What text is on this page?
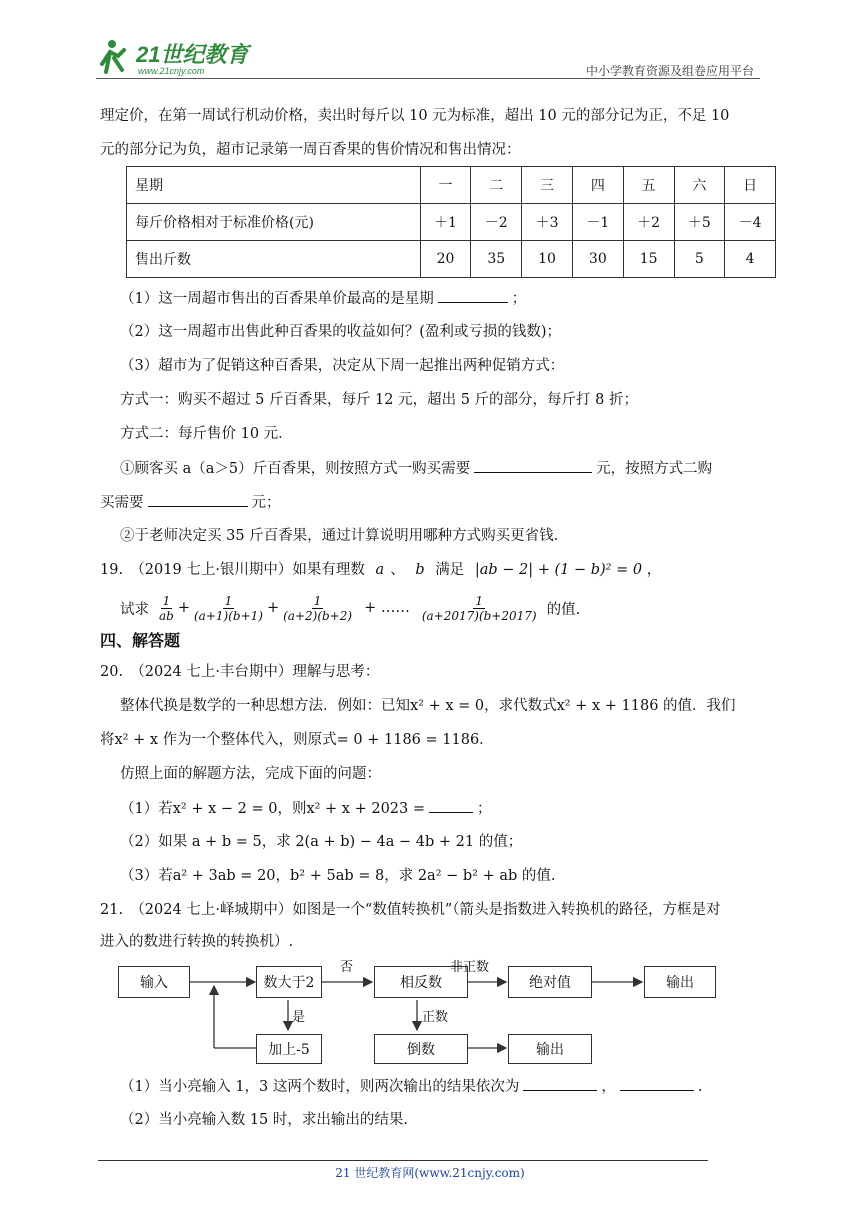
21世纪教育
www.21cnjy.com	中小学教育资源及组卷应用平台
理定价，在第一周试行机动价格，卖出时每斤以 10 元为标准，超出 10 元的部分记为正，不足 10
元的部分记为负，超市记录第一周百香果的售价情况和售出情况：
星期	一	二	三	四	五	六	日
每斤价格相对于标准价格(元)	＋1	－2	＋3	－1	＋2	＋5	－4
售出斤数	20	35	10	30	15	5	4
（1）这一周超市售出的百香果单价最高的是星期	；
（2）这一周超市出售此种百香果的收益如何？(盈利或亏损的钱数)；
（3）超市为了促销这种百香果，决定从下周一起推出两种促销方式：
方式一：购买不超过 5 斤百香果，每斤 12 元，超出 5 斤的部分，每斤打 8 折；
方式二：每斤售价 10 元．
①顾客买 a（a＞5）斤百香果，则按照方式一购买需要	元，按照方式二购
买需要	元；
②于老师决定买 35 斤百香果，通过计算说明用哪种方式购买更省钱.
19.　（2019 七上·银川期中）如果有理数 a 、 b 满足 |ab − 2| + (1 − b)² = 0 ，
试求 $\frac{1}{ab} + \frac{1}{(a+1)(b+1)} + \frac{1}{(a+2)(b+2)}$ + …… $\frac{1}{(a+2017)(b+2017)}$ 的值.
四、解答题
20.　（2024 七上·丰台期中）理解与思考：
整体代换是数学的一种思想方法．例如：已知x² + x = 0，求代数式x² + x + 1186 的值．我们
将x² + x 作为一个整体代入，则原式= 0 + 1186 = 1186．
仿照上面的解题方法，完成下面的问题：
（1）若x² + x − 2 = 0，则x² + x + 2023 =	；
（2）如果 a + b = 5，求 2(a + b) − 4a − 4b + 21 的值；
（3）若a² + 3ab = 20，b² + 5ab = 8，求 2a² − b² + ab 的值.
21.　（2024 七上·峄城期中）如图是一个“数值转换机”（箭头是指数进入转换机的路径，方框是对
进入的数进行转换的转换机）.
输入	数大于2	相反数	绝对值	输出
加上-5	倒数	输出
否
是
非正数
正数
（1）当小亮输入 1，3 这两个数时，则两次输出的结果依次为	，	.
（2）当小亮输入数 15 时，求出输出的结果.
21 世纪教育网(www.21cnjy.com)
